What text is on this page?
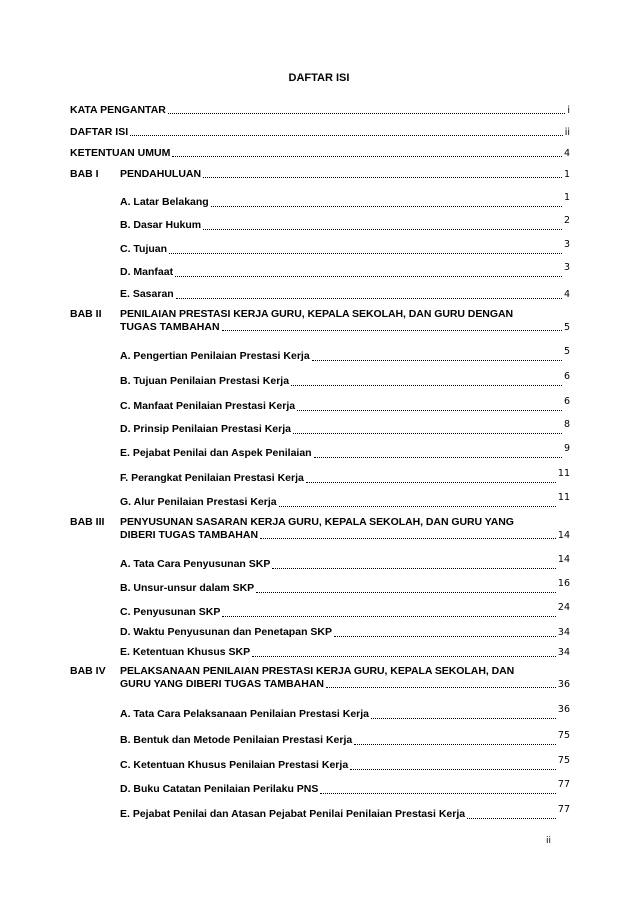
DAFTAR ISI
KATA PENGANTAR	i
DAFTAR ISI	ii
KETENTUAN UMUM	4
BAB I PENDAHULUAN	1
A. Latar Belakang	1
B. Dasar Hukum	2
C. Tujuan	3
D. Manfaat	3
E. Sasaran	4
BAB II PENILAIAN PRESTASI KERJA GURU, KEPALA SEKOLAH, DAN GURU DENGAN
TUGAS TAMBAHAN	5
A. Pengertian Penilaian Prestasi Kerja	5
B. Tujuan Penilaian Prestasi Kerja	6
C. Manfaat Penilaian Prestasi Kerja	6
D. Prinsip Penilaian Prestasi Kerja	8
E. Pejabat Penilai dan Aspek Penilaian	9
F. Perangkat Penilaian Prestasi Kerja	11
G. Alur Penilaian Prestasi Kerja	11
BAB III PENYUSUNAN SASARAN KERJA GURU, KEPALA SEKOLAH, DAN GURU YANG
DIBERI TUGAS TAMBAHAN	14
A. Tata Cara Penyusunan SKP	14
B. Unsur-unsur dalam SKP	16
C. Penyusunan SKP	24
D. Waktu Penyusunan dan Penetapan SKP	34
E. Ketentuan Khusus SKP	34
BAB IV PELAKSANAAN PENILAIAN PRESTASI KERJA GURU, KEPALA SEKOLAH, DAN
GURU YANG DIBERI TUGAS TAMBAHAN	36
A. Tata Cara Pelaksanaan Penilaian Prestasi Kerja	36
B. Bentuk dan Metode Penilaian Prestasi Kerja	75
C. Ketentuan Khusus Penilaian Prestasi Kerja	75
D. Buku Catatan Penilaian Perilaku PNS	77
E. Pejabat Penilai dan Atasan Pejabat Penilai Penilaian Prestasi Kerja	77
ii
